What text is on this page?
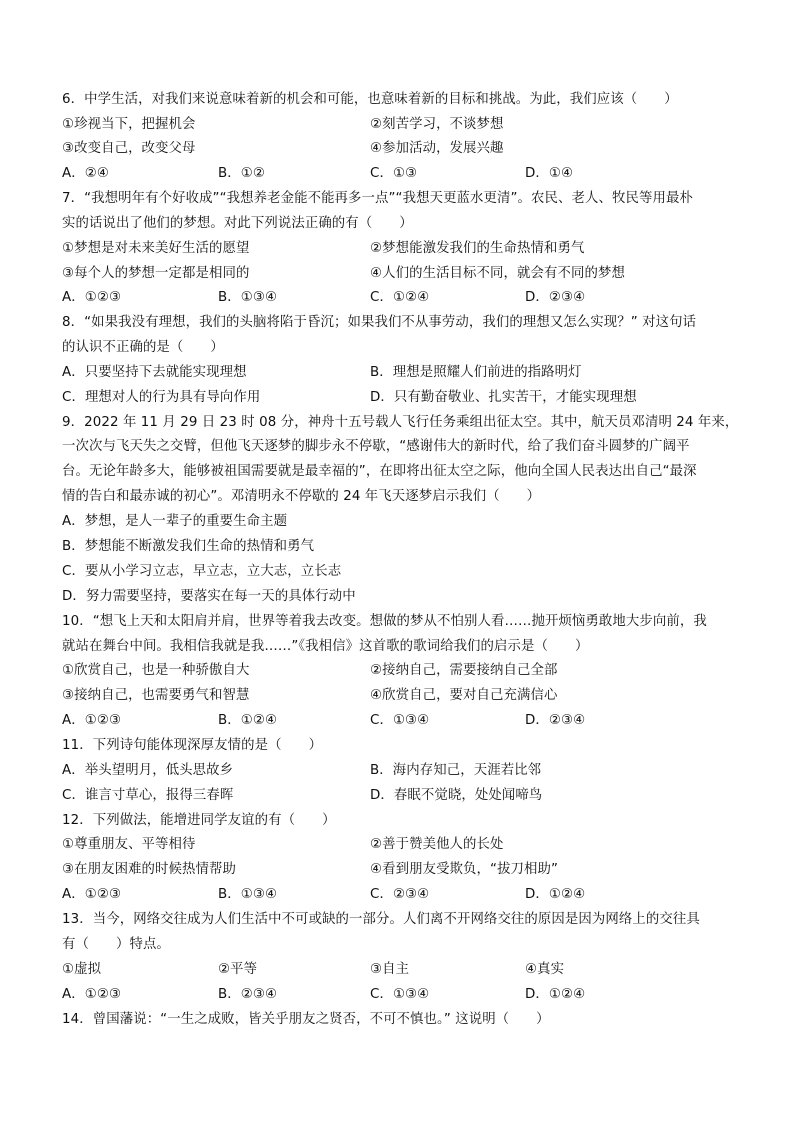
6．中学生活，对我们来说意味着新的机会和可能，也意味着新的目标和挑战。为此，我们应该（　　）
①珍视当下，把握机会	②刻苦学习，不谈梦想
③改变自己，改变父母	④参加活动，发展兴趣
A．②④	B．①②	C．①③	D．①④
7．“我想明年有个好收成”“我想养老金能不能再多一点”“我想天更蓝水更清”。农民、老人、牧民等用最朴
实的话说出了他们的梦想。对此下列说法正确的有（　　）
①梦想是对未来美好生活的愿望	②梦想能激发我们的生命热情和勇气
③每个人的梦想一定都是相同的	④人们的生活目标不同，就会有不同的梦想
A．①②③	B．①③④	C．①②④	D．②③④
8．“如果我没有理想，我们的头脑将陷于昏沉；如果我们不从事劳动，我们的理想又怎么实现？” 对这句话
的认识不正确的是（　　）
A．只要坚持下去就能实现理想	B．理想是照耀人们前进的指路明灯
C．理想对人的行为具有导向作用	D．只有勤奋敬业、扎实苦干，才能实现理想
9．2022 年 11 月 29 日 23 时 08 分，神舟十五号载人飞行任务乘组出征太空。其中，航天员邓清明 24 年来，
一次次与飞天失之交臂，但他飞天逐梦的脚步永不停歇，“感谢伟大的新时代，给了我们奋斗圆梦的广阔平
台。无论年龄多大，能够被祖国需要就是最幸福的”，在即将出征太空之际，他向全国人民表达出自己“最深
情的告白和最赤诚的初心”。邓清明永不停歇的 24 年飞天逐梦启示我们（　　）
A．梦想，是人一辈子的重要生命主题
B．梦想能不断激发我们生命的热情和勇气
C．要从小学习立志，早立志，立大志，立长志
D．努力需要坚持，要落实在每一天的具体行动中
10．“想飞上天和太阳肩并肩，世界等着我去改变。想做的梦从不怕别人看……抛开烦恼勇敢地大步向前，我
就站在舞台中间。我相信我就是我……”《我相信》这首歌的歌词给我们的启示是（　　）
①欣赏自己，也是一种骄傲自大	②接纳自己，需要接纳自己全部
③接纳自己，也需要勇气和智慧	④欣赏自己，要对自己充满信心
A．①②③	B．①②④	C．①③④	D．②③④
11．下列诗句能体现深厚友情的是（　　）
A．举头望明月，低头思故乡	B．海内存知己，天涯若比邻
C．谁言寸草心，报得三春晖	D．春眠不觉晓，处处闻啼鸟
12．下列做法，能增进同学友谊的有（　　）
①尊重朋友、平等相待	②善于赞美他人的长处
③在朋友困难的时候热情帮助	④看到朋友受欺负，“拔刀相助”
A．①②③	B．①③④	C．②③④	D．①②④
13．当今，网络交往成为人们生活中不可或缺的一部分。人们离不开网络交往的原因是因为网络上的交往具
有（　　）特点。
①虚拟	②平等	③自主	④真实
A．①②③	B．②③④	C．①③④	D．①②④
14．曾国藩说：“一生之成败，皆关乎朋友之贤否，不可不慎也。” 这说明（　　）
